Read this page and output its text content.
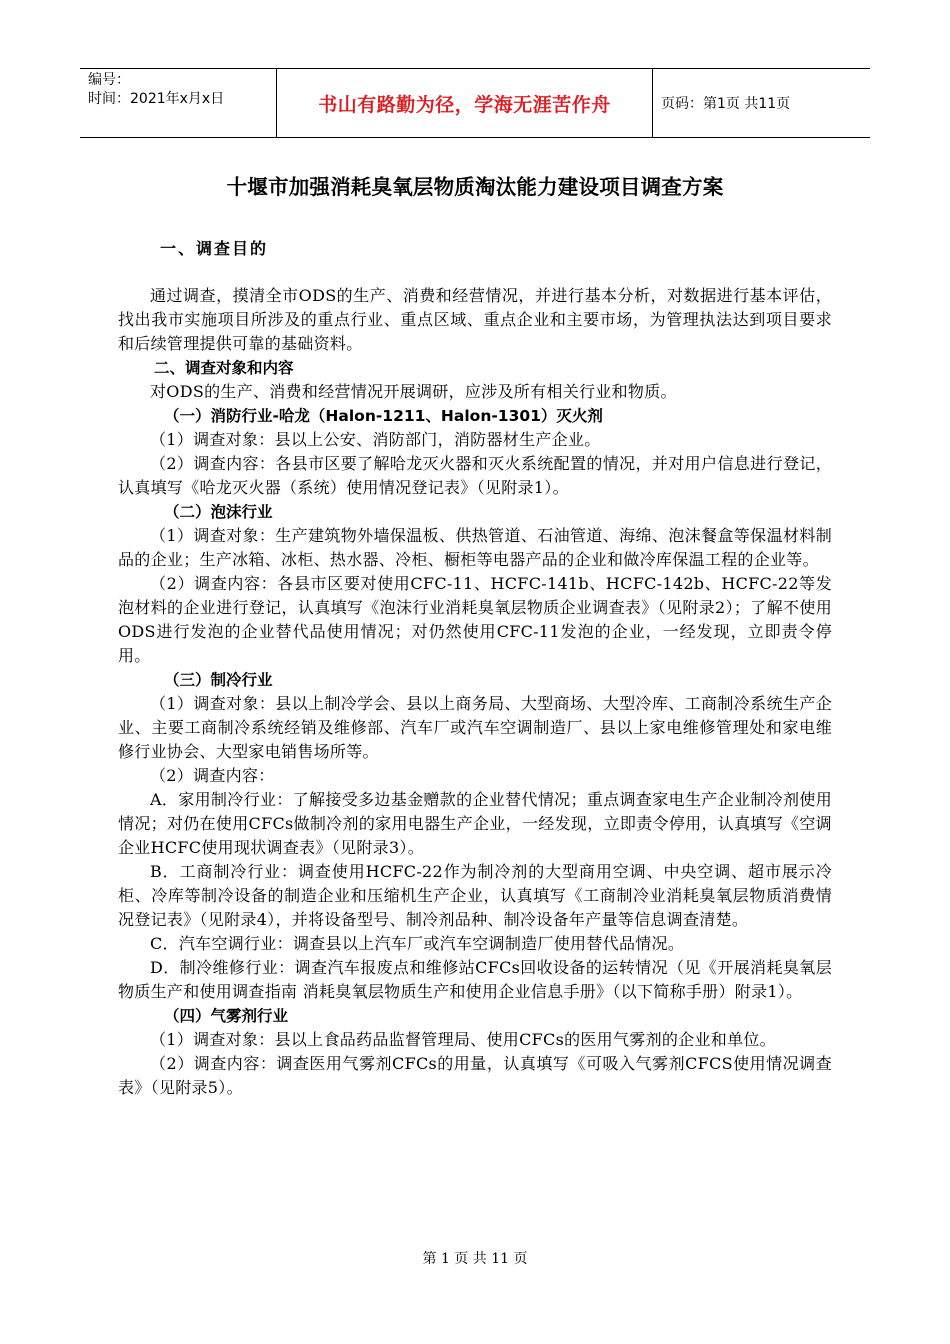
编号：
时间：2021年x月x日	书山有路勤为径，学海无涯苦作舟	页码：第1页 共11页
十堰市加强消耗臭氧层物质淘汰能力建设项目调查方案
一、调查目的

通过调查，摸清全市ODS的生产、消费和经营情况，并进行基本分析，对数据进行基本评估，找出我市实施项目所涉及的重点行业、重点区域、重点企业和主要市场，为管理执法达到项目要求和后续管理提供可靠的基础资料。

二、调查对象和内容

对ODS的生产、消费和经营情况开展调研，应涉及所有相关行业和物质。

（一）消防行业-哈龙（Halon-1211、Halon-1301）灭火剂

（1）调查对象：县以上公安、消防部门，消防器材生产企业。

（2）调查内容：各县市区要了解哈龙灭火器和灭火系统配置的情况，并对用户信息进行登记，认真填写《哈龙灭火器（系统）使用情况登记表》（见附录1）。

（二）泡沫行业

（1）调查对象：生产建筑物外墙保温板、供热管道、石油管道、海绵、泡沫餐盒等保温材料制品的企业；生产冰箱、冰柜、热水器、冷柜、橱柜等电器产品的企业和做冷库保温工程的企业等。

（2）调查内容：各县市区要对使用CFC-11、HCFC-141b、HCFC-142b、HCFC-22等发泡材料的企业进行登记，认真填写《泡沫行业消耗臭氧层物质企业调查表》（见附录2）；了解不使用ODS进行发泡的企业替代品使用情况；对仍然使用CFC-11发泡的企业，一经发现，立即责令停用。

（三）制冷行业

（1）调查对象：县以上制冷学会、县以上商务局、大型商场、大型冷库、工商制冷系统生产企业、主要工商制冷系统经销及维修部、汽车厂或汽车空调制造厂、县以上家电维修管理处和家电维修行业协会、大型家电销售场所等。

（2）调查内容：

A．家用制冷行业：了解接受多边基金赠款的企业替代情况；重点调查家电生产企业制冷剂使用情况；对仍在使用CFCs做制冷剂的家用电器生产企业，一经发现，立即责令停用，认真填写《空调企业HCFC使用现状调查表》（见附录3）。

B．工商制冷行业：调查使用HCFC-22作为制冷剂的大型商用空调、中央空调、超市展示冷柜、冷库等制冷设备的制造企业和压缩机生产企业，认真填写《工商制冷业消耗臭氧层物质消费情况登记表》（见附录4），并将设备型号、制冷剂品种、制冷设备年产量等信息调查清楚。

C．汽车空调行业：调查县以上汽车厂或汽车空调制造厂使用替代品情况。

D．制冷维修行业：调查汽车报废点和维修站CFCs回收设备的运转情况（见《开展消耗臭氧层物质生产和使用调查指南 消耗臭氧层物质生产和使用企业信息手册》（以下简称手册）附录1）。

（四）气雾剂行业

（1）调查对象：县以上食品药品监督管理局、使用CFCs的医用气雾剂的企业和单位。

（2）调查内容：调查医用气雾剂CFCs的用量，认真填写《可吸入气雾剂CFCS使用情况调查表》（见附录5）。

第 1 页 共 11 页
